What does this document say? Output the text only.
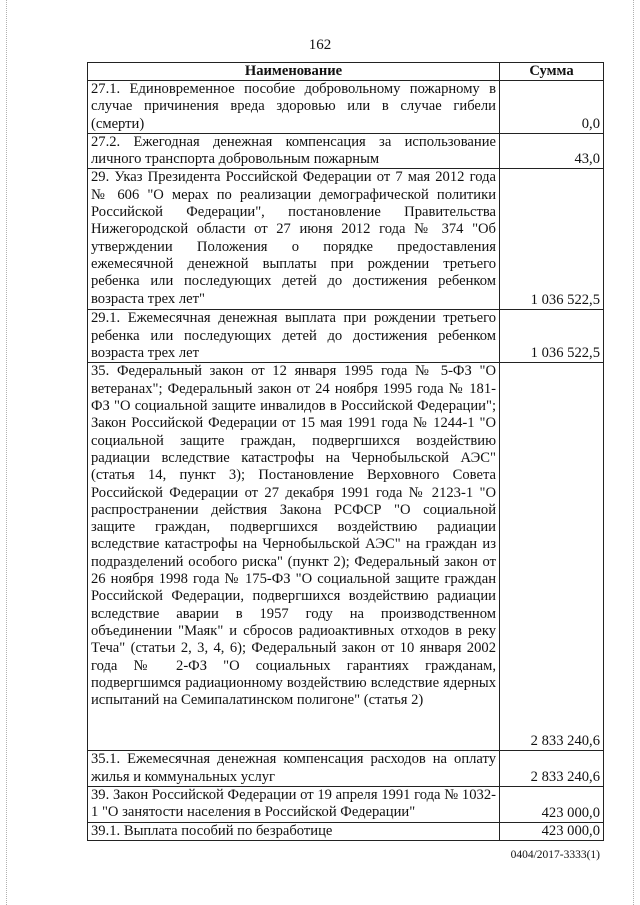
162
Наименование	Сумма
27.1. Единовременное пособие добровольному пожарному в случае причинения вреда здоровью или в случае гибели (смерти)	0,0
27.2. Ежегодная денежная компенсация за использование личного транспорта добровольным пожарным	43,0
29. Указ Президента Российской Федерации от 7 мая 2012 года № 606 "О мерах по реализации демографической политики Российской Федерации", постановление Правительства Нижегородской области от 27 июня 2012 года № 374 "Об утверждении Положения о порядке предоставления ежемесячной денежной выплаты при рождении третьего ребенка или последующих детей до достижения ребенком возраста трех лет"	1 036 522,5
29.1. Ежемесячная денежная выплата при рождении третьего ребенка или последующих детей до достижения ребенком возраста трех лет	1 036 522,5
35. Федеральный закон от 12 января 1995 года № 5-ФЗ "О ветеранах"; Федеральный закон от 24 ноября 1995 года № 181-ФЗ "О социальной защите инвалидов в Российской Федерации"; Закон Российской Федерации от 15 мая 1991 года № 1244-1 "О социальной защите граждан, подвергшихся воздействию радиации вследствие катастрофы на Чернобыльской АЭС" (статья 14, пункт 3); Постановление Верховного Совета Российской Федерации от 27 декабря 1991 года № 2123-1 "О распространении действия Закона РСФСР "О социальной защите граждан, подвергшихся воздействию радиации вследствие катастрофы на Чернобыльской АЭС" на граждан из подразделений особого риска" (пункт 2); Федеральный закон от 26 ноября 1998 года № 175-ФЗ "О социальной защите граждан Российской Федерации, подвергшихся воздействию радиации вследствие аварии в 1957 году на производственном объединении "Маяк" и сбросов радиоактивных отходов в реку Теча" (статьи 2, 3, 4, 6); Федеральный закон от 10 января 2002 года № 2-ФЗ "О социальных гарантиях гражданам, подвергшимся радиационному воздействию вследствие ядерных испытаний на Семипалатинском полигоне" (статья 2)	2 833 240,6
35.1. Ежемесячная денежная компенсация расходов на оплату жилья и коммунальных услуг	2 833 240,6
39. Закон Российской Федерации от 19 апреля 1991 года № 1032-1 "О занятости населения в Российской Федерации"	423 000,0
39.1. Выплата пособий по безработице	423 000,0
0404/2017-3333(1)
